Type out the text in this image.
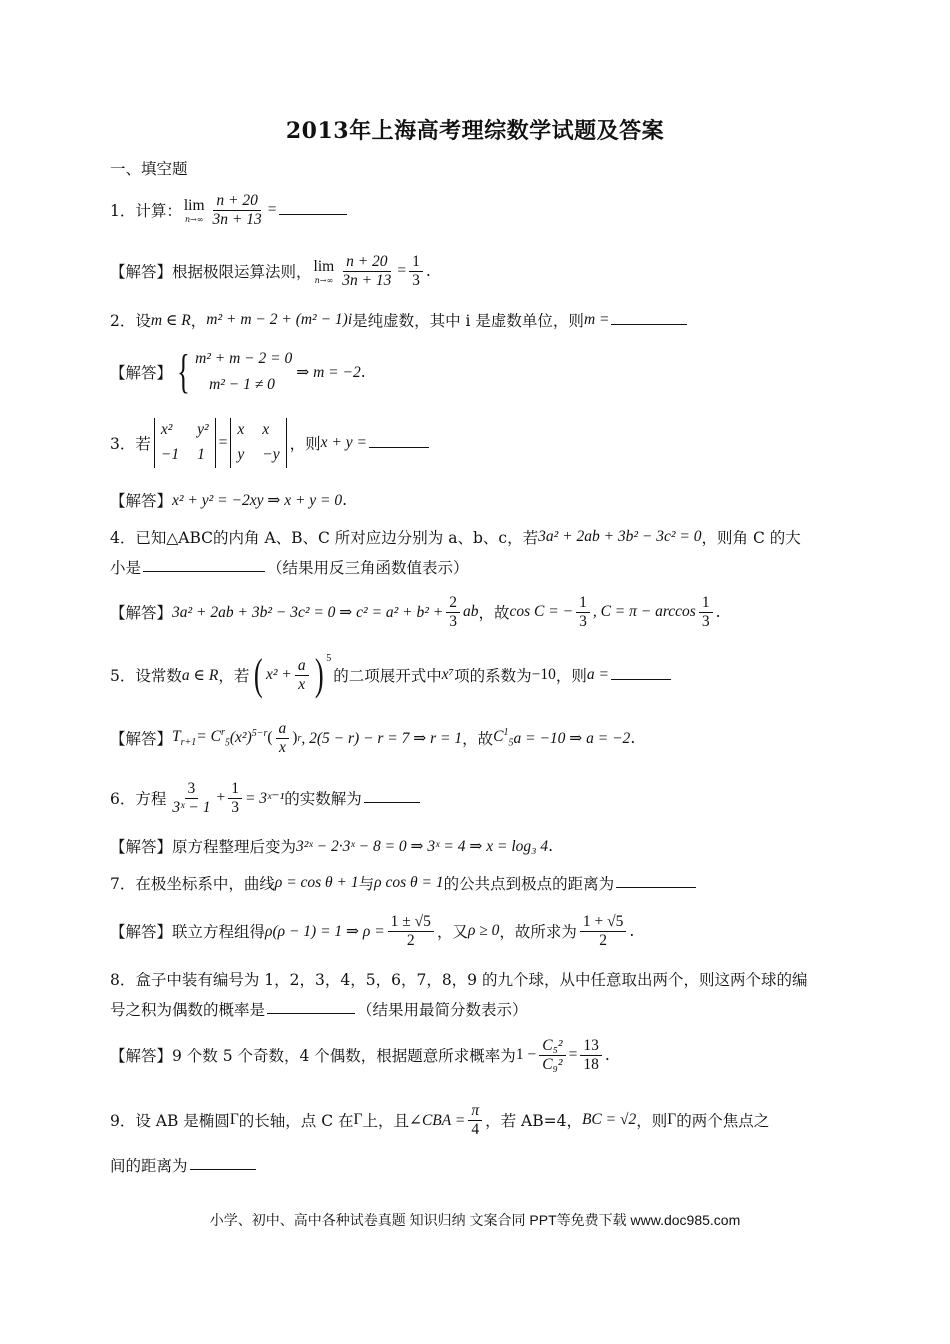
2013年上海高考理综数学试题及答案
一、填空题
1．计算： lim
$n\to\infty \frac{n + 20}{3n + 13}$ =
【解答】 根据极限运算法则， lim
$n\to\infty \frac{n + 20}{3n + 13} = \frac{1}{3}$ .
2．设 m ∈ R ， m² + m − 2 + (m² − 1)i 是纯虚数，其中 i 是虚数单位，则 m =
【解答】 { m² + m − 2 = 0
m² − 1 ≠ 0
⇒ m = −2 .
3．若
x²	y²
−1 1
=
x x
y −y
，则 x + y =
【解答】 x² + y² = −2xy ⇒ x + y = 0 .
4．已知△ABC的内角 A、B、C 所对应边分别为 a、b、c，若 3a² + 2ab + 3b² − 3c² = 0 ，则角 C 的大
小是	（结果用反三角函数值表示）
【解答】 3a² + 2ab + 3b² − 3c² = 0 ⇒ $c^2 = a^2 + b^2 + \frac{2}{3}$ ab ，故 cos C = − $\frac{1}{3}$ , $C = \pi - \arccos \frac{1}{3}$ .
5．设常数 a ∈ R ，若 ( $x^2 + \frac{a}{x}$ ) $^5$
的二项展开式中 x⁷ 项的系数为 −10 ，则 a =
【解答】 $T_{r+1} = C^r_5$ $(x^2)^{5-r}$ ( $\frac{a}{x}$ ) r , 2(5 − r) − r = 7 ⇒ r = 1 ，故 $C^1_5$ a = −10 ⇒ a = −2 .
6．方程 $\frac{3}{\text{3ˣ − 1}} + \frac{1}{3}$ = 3ˣ⁻¹ 的实数解为
【解答】 原方程整理后变为 3²ˣ − 2·3ˣ − 8 = 0 ⇒ 3ˣ = 4 ⇒ x = log₃ 4 .
7．在极坐标系中，曲线 ρ = cos θ + 1 与 ρ cos θ = 1 的公共点到极点的距离为
【解答】 联立方程组得 ρ(ρ − 1) = 1 ⇒ $\rho = \frac{1 \pm √5}{2}$ ，又 ρ ≥ 0 ，故所求为 $\frac{1 + √5}{2}$ .
8．盒子中装有编号为 1，2，3，4，5，6，7，8，9 的九个球，从中任意取出两个，则这两个球的编
号之积为偶数的概率是	（结果用最简分数表示）
【解答】 9 个数 5 个奇数，4 个偶数，根据题意所求概率为 $1 - \frac{\text{C₅²}}{\text{C₉²}} = \frac{13}{18}$ .
9．设 AB 是椭圆 Γ 的长轴，点 C 在 Γ 上，且 ∠CBA = $\frac{\pi}{4}$ ，若 AB=4， BC = √2 ，则 Γ 的两个焦点之
间的距离为
小学、初中、高中各种试卷真题 知识归纳 文案合同 PPT等免费下载 www.doc985.com
